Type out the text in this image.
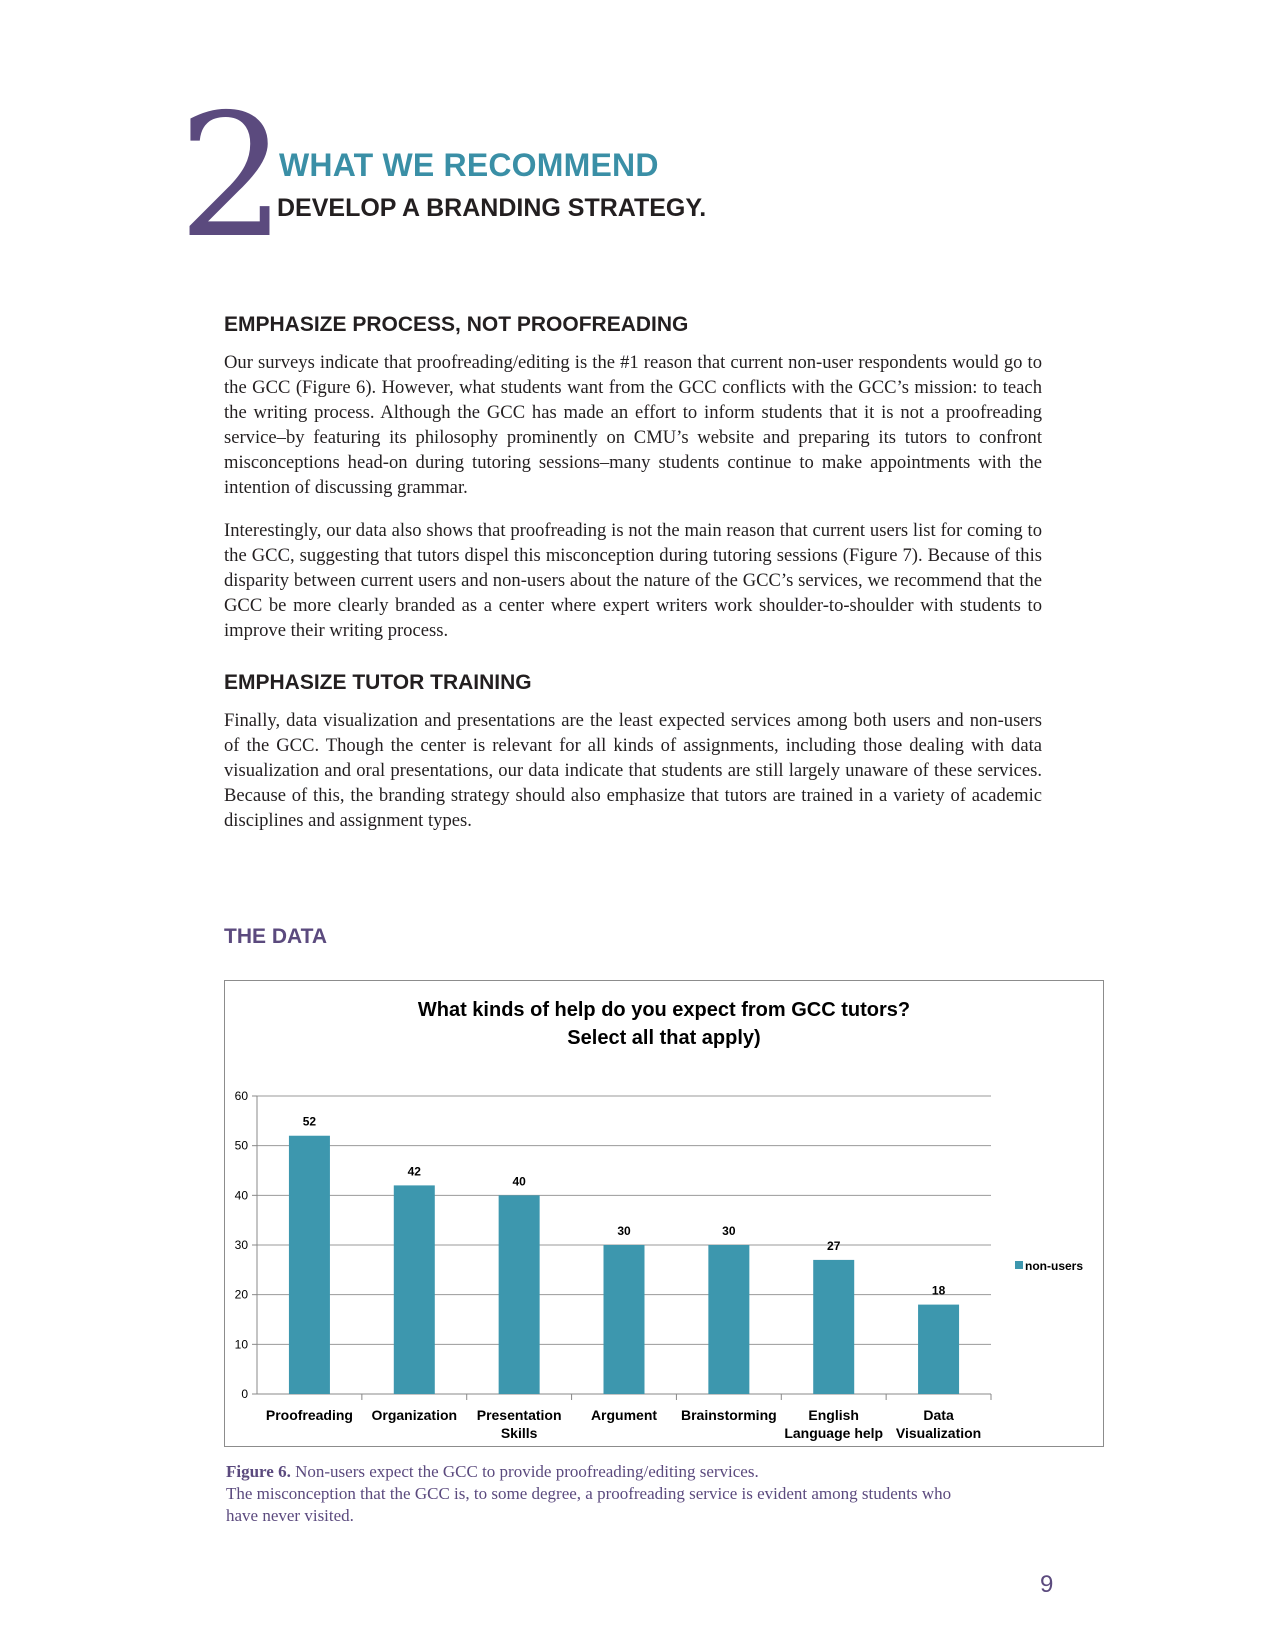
2
WHAT WE RECOMMEND
DEVELOP A BRANDING STRATEGY.
EMPHASIZE PROCESS, NOT PROOFREADING
Our surveys indicate that proofreading/editing is the #1 reason that current non-user respondents would go to the GCC (Figure 6). However, what students want from the GCC conflicts with the GCC’s mission: to teach the writing process. Although the GCC has made an effort to inform students that it is not a proofreading service–by featuring its philosophy prominently on CMU’s website and preparing its tutors to confront misconceptions head-on during tutoring sessions–many students continue to make appointments with the intention of discussing grammar.
Interestingly, our data also shows that proofreading is not the main reason that current users list for coming to the GCC, suggesting that tutors dispel this misconception during tutoring sessions (Figure 7). Because of this disparity between current users and non-users about the nature of the GCC’s services, we recommend that the GCC be more clearly branded as a center where expert writers work shoulder-to-shoulder with students to improve their writing process.
EMPHASIZE TUTOR TRAINING
Finally, data visualization and presentations are the least expected services among both users and non-users of the GCC. Though the center is relevant for all kinds of assignments, including those dealing with data visualization and oral presentations, our data indicate that students are still largely unaware of these services. Because of this, the branding strategy should also emphasize that tutors are trained in a variety of academic disciplines and assignment types.
THE DATA
What kinds of help do you expect from GCC tutors?
Select all that apply)
0
10
20
30
40
50
60
52
Proofreading
42
Organization
40
Presentation
Skills
30
Argument
30
Brainstorming
27
English
Language help
18
Data
Visualization
non-users
Figure 6. Non-users expect the GCC to provide proofreading/editing services.
The misconception that the GCC is, to some degree, a proofreading service is evident among students who have never visited.
9
